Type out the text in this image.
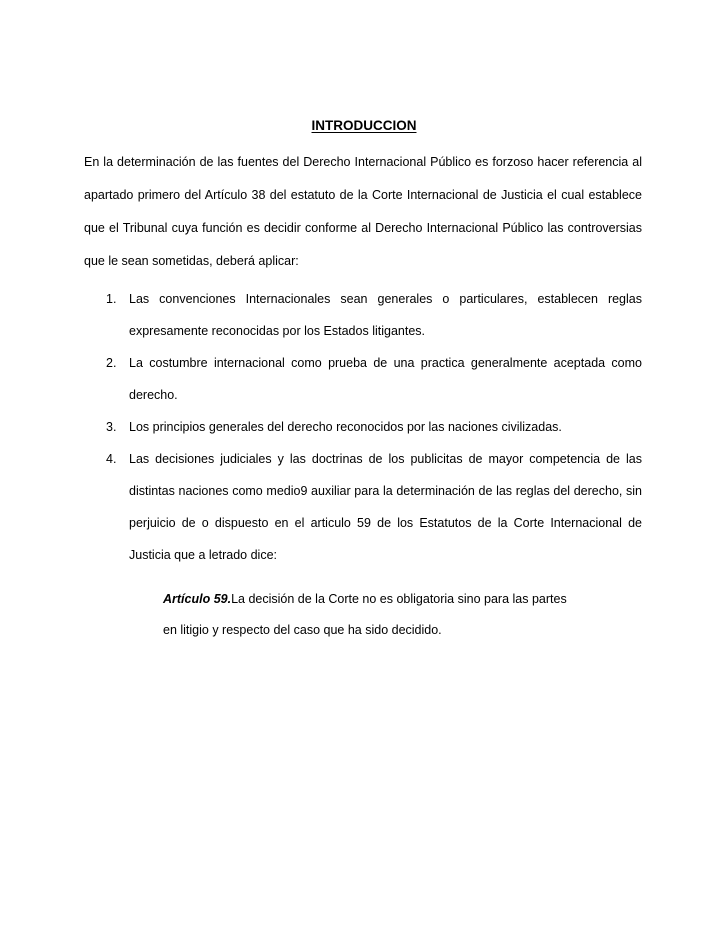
INTRODUCCION
En la determinación de las fuentes del Derecho Internacional Público es forzoso hacer referencia al apartado primero del Artículo 38 del estatuto de la Corte Internacional de Justicia el cual establece que el Tribunal cuya función es decidir conforme al Derecho Internacional Público las controversias que le sean sometidas, deberá aplicar:
1. Las convenciones Internacionales sean generales o particulares, establecen reglas expresamente reconocidas por los Estados litigantes.
2. La costumbre internacional como prueba de una practica generalmente aceptada como derecho.
3. Los principios generales del derecho reconocidos por las naciones civilizadas.
4. Las decisiones judiciales y las doctrinas de los publicitas de mayor competencia de las distintas naciones como medio9 auxiliar para la determinación de las reglas del derecho, sin perjuicio de o dispuesto en el articulo 59 de los Estatutos de la Corte Internacional de Justicia que a letrado dice:
Artículo 59.La decisión de la Corte no es obligatoria sino para las partes en litigio y respecto del caso que ha sido decidido.
